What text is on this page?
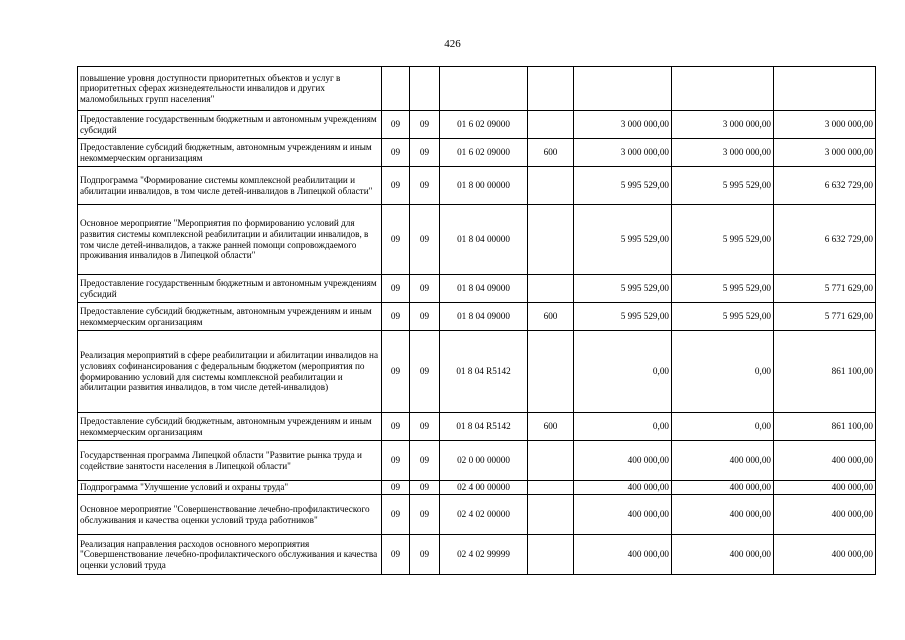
426
повышение уровня доступности приоритетных объектов и услуг в приоритетных сферах жизнедеятельности инвалидов и других маломобильных групп населения"							
Предоставление государственным бюджетным и автономным учреждениям субсидий	09	09	01 6 02 09000		3 000 000,00	3 000 000,00	3 000 000,00
Предоставление субсидий бюджетным, автономным учреждениям и иным некоммерческим организациям	09	09	01 6 02 09000	600	3 000 000,00	3 000 000,00	3 000 000,00
Подпрограмма "Формирование системы комплексной реабилитации и абилитации инвалидов, в том числе детей-инвалидов в Липецкой области"	09	09	01 8 00 00000		5 995 529,00	5 995 529,00	6 632 729,00
Основное мероприятие "Мероприятия по формированию условий для развития системы комплексной реабилитации и абилитации инвалидов, в том числе детей-инвалидов, а также ранней помощи сопровождаемого проживания инвалидов в Липецкой области"	09	09	01 8 04 00000		5 995 529,00	5 995 529,00	6 632 729,00
Предоставление государственным бюджетным и автономным учреждениям субсидий	09	09	01 8 04 09000		5 995 529,00	5 995 529,00	5 771 629,00
Предоставление субсидий бюджетным, автономным учреждениям и иным некоммерческим организациям	09	09	01 8 04 09000	600	5 995 529,00	5 995 529,00	5 771 629,00
Реализация мероприятий в сфере реабилитации и абилитации инвалидов на условиях софинансирования с федеральным бюджетом (мероприятия по формированию условий для системы комплексной реабилитации и абилитации развития инвалидов, в том числе детей-инвалидов)	09	09	01 8 04 R5142		0,00	0,00	861 100,00
Предоставление субсидий бюджетным, автономным учреждениям и иным некоммерческим организациям	09	09	01 8 04 R5142	600	0,00	0,00	861 100,00
Государственная программа Липецкой области "Развитие рынка труда и содействие занятости населения в Липецкой области"	09	09	02 0 00 00000		400 000,00	400 000,00	400 000,00
Подпрограмма "Улучшение условий и охраны труда"	09	09	02 4 00 00000		400 000,00	400 000,00	400 000,00
Основное мероприятие "Совершенствование лечебно-профилактического обслуживания и качества оценки условий труда работников"	09	09	02 4 02 00000		400 000,00	400 000,00	400 000,00
Реализация направления расходов основного мероприятия "Совершенствование лечебно-профилактического обслуживания и качества оценки условий труда	09	09	02 4 02 99999		400 000,00	400 000,00	400 000,00
